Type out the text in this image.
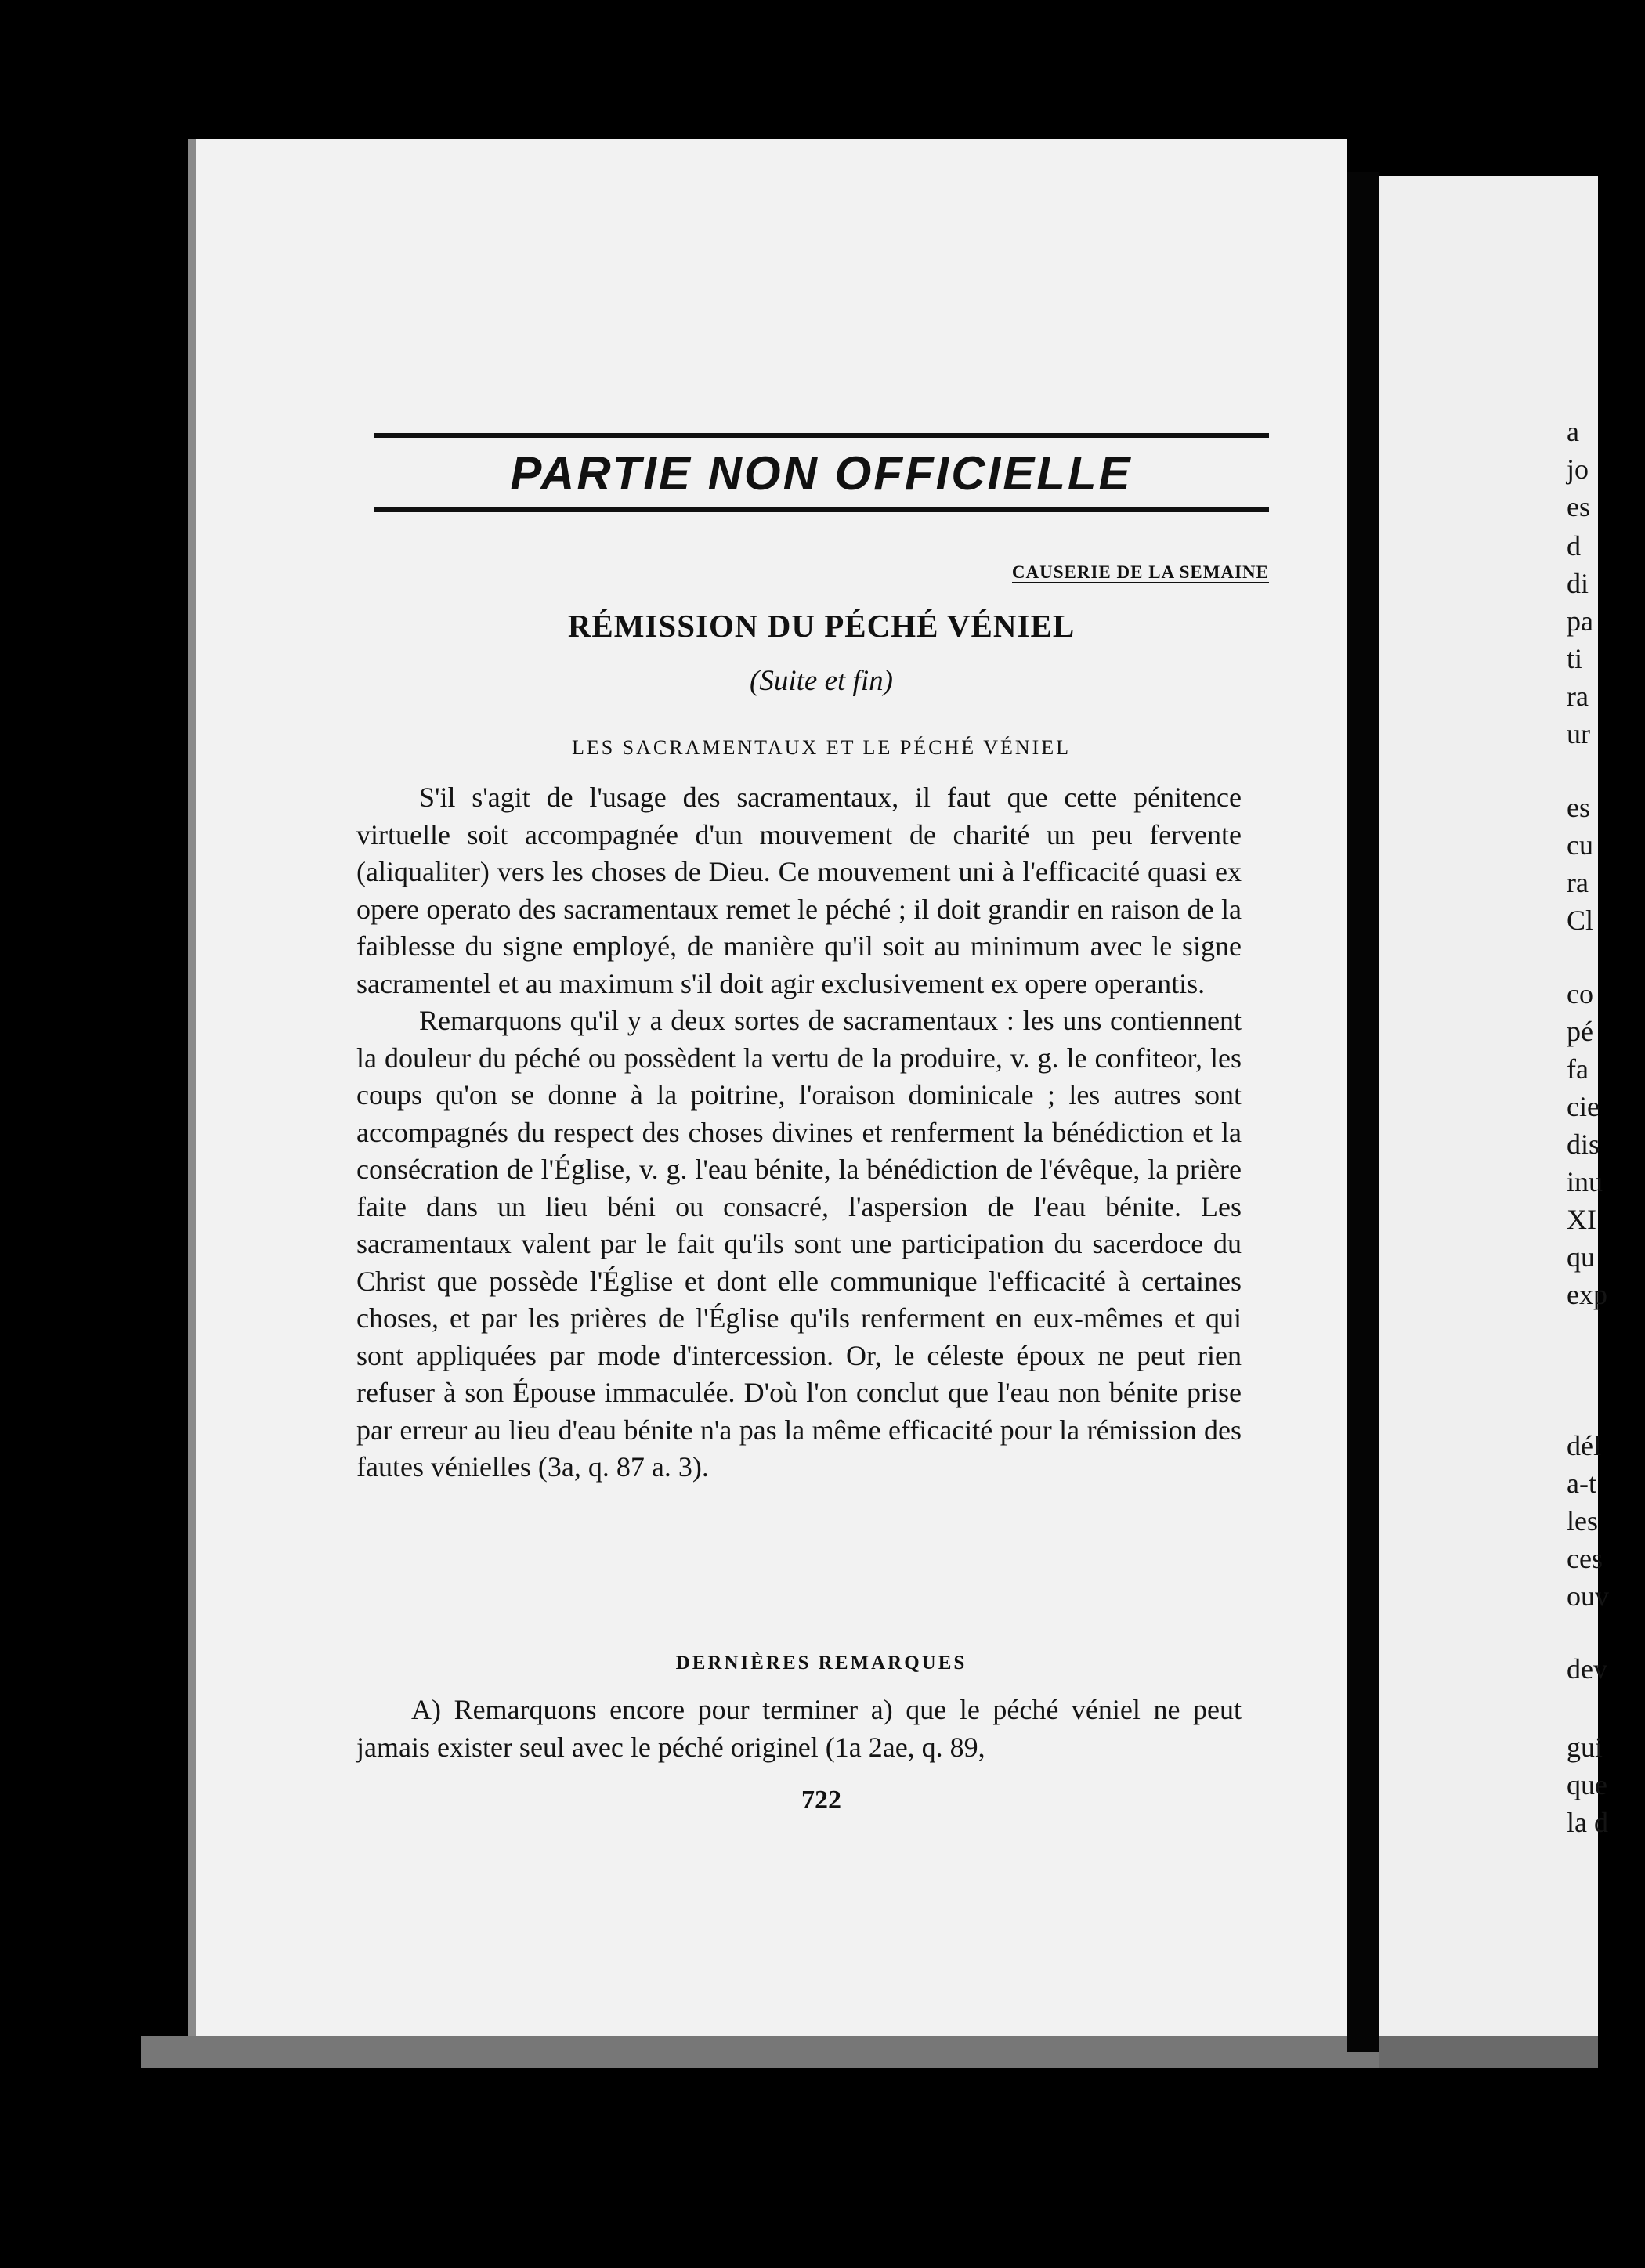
PARTIE NON OFFICIELLE
CAUSERIE DE LA SEMAINE
RÉMISSION DU PÉCHÉ VÉNIEL
(Suite et fin)
LES SACRAMENTAUX ET LE PÉCHÉ VÉNIEL

S'il s'agit de l'usage des sacramentaux, il faut que cette pénitence virtuelle soit accompagnée d'un mouvement de charité un peu fervente (aliqualiter) vers les choses de Dieu. Ce mouvement uni à l'efficacité quasi ex opere operato des sacramentaux remet le péché ; il doit grandir en raison de la faiblesse du signe employé, de manière qu'il soit au minimum avec le signe sacramentel et au maximum s'il doit agir exclusivement ex opere operantis.

Remarquons qu'il y a deux sortes de sacramentaux : les uns contiennent la douleur du péché ou possèdent la vertu de la produire, v. g. le confiteor, les coups qu'on se donne à la poitrine, l'oraison dominicale ; les autres sont accompagnés du respect des choses divines et renferment la bénédiction et la consécration de l'Église, v. g. l'eau bénite, la bénédiction de l'évêque, la prière faite dans un lieu béni ou consacré, l'aspersion de l'eau bénite. Les sacramentaux valent par le fait qu'ils sont une participation du sacerdoce du Christ que possède l'Église et dont elle communique l'efficacité à certaines choses, et par les prières de l'Église qu'ils renferment en eux-mêmes et qui sont appliquées par mode d'intercession. Or, le céleste époux ne peut rien refuser à son Épouse immaculée. D'où l'on conclut que l'eau non bénite prise par erreur au lieu d'eau bénite n'a pas la même efficacité pour la rémission des fautes vénielles (3a, q. 87 a. 3).

DERNIÈRES REMARQUES

A) Remarquons encore pour terminer a) que le péché véniel ne peut jamais exister seul avec le péché originel (1a 2ae, q. 89,

722
a
jo
es
d
di
pa
ti
ra
ur
es
cu
ra
Cl
co
pé
fa
cie
dis
inu
XI
qu
exp
dél
a-t
les
ces
ouv
dev
gui
que
la d
